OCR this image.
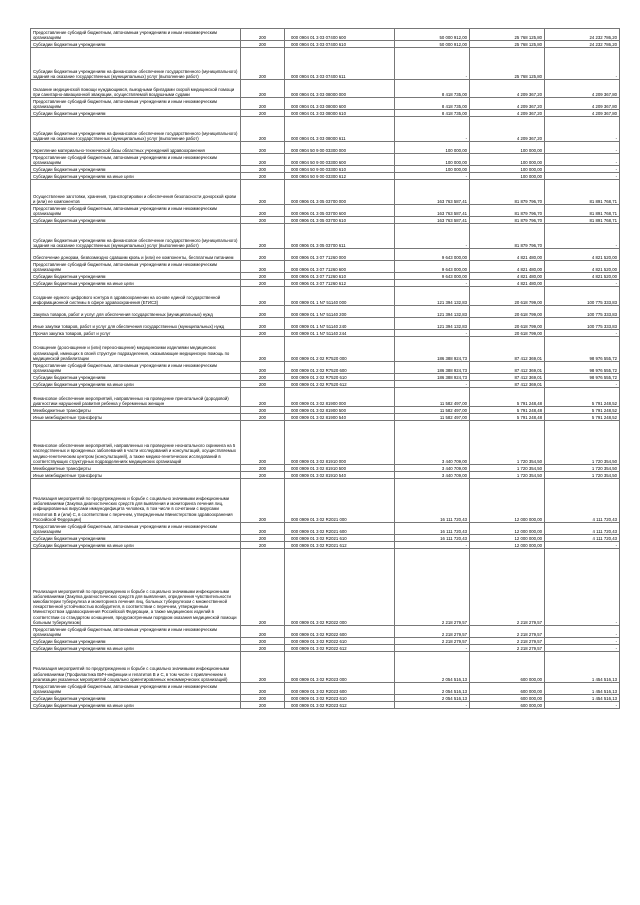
Предоставление субсидий бюджетным, автономным учреждениям и иным некоммерческим организациям	200	000 0904 01 3 03 07400 600	50 000 912,00	25 768 125,80	24 232 786,20
Субсидии бюджетным учреждениям	200	000 0904 01 3 03 07400 610	50 000 912,00	25 768 125,80	24 232 786,20
Субсидии бюджетным учреждениям на финансовое обеспечение государственного (муниципального) задания на оказание государственных (муниципальных) услуг (выполнение работ)	200	000 0904 01 3 03 07400 611	-	25 768 125,80	-
Оказание медицинской помощи нуждающимся, выездными бригадами скорой медицинской помощи при санитарно-авиационной эвакуации, осуществляемой воздушными судами	200	000 0904 01 3 03 08000 000	8 418 735,00	4 209 367,20	4 209 367,80
Предоставление субсидий бюджетным, автономным учреждениям и иным некоммерческим организациям	200	000 0904 01 3 03 08000 600	8 418 735,00	4 209 367,20	4 209 367,80
Субсидии бюджетным учреждениям	200	000 0904 01 3 03 08000 610	8 418 735,00	4 209 367,20	4 209 367,80
Субсидии бюджетным учреждениям на финансовое обеспечение государственного (муниципального) задания на оказание государственных (муниципальных) услуг (выполнение работ)	200	000 0904 01 3 03 08000 611	-	4 209 367,20	-
Укрепление материально-технической базы областных учреждений здравоохранения	200	000 0904 50 9 00 03300 000	100 000,00	100 000,00	-
Предоставление субсидий бюджетным, автономным учреждениям и иным некоммерческим организациям	200	000 0904 50 9 00 03300 600	100 000,00	100 000,00	-
Субсидии бюджетным учреждениям	200	000 0904 50 9 00 03300 610	100 000,00	100 000,00	-
Субсидии бюджетным учреждениям на иные цели	200	000 0904 50 9 00 03300 612	-	100 000,00	-
Осуществление заготовки, хранения, транспортировки и обеспечения безопасности донорской крови и (или) ее компонентов	200	000 0906 01 3 05 03700 000	163 763 587,41	81 879 796,70	81 891 768,71
Предоставление субсидий бюджетным, автономным учреждениям и иным некоммерческим организациям	200	000 0906 01 3 05 03700 600	163 763 587,41	81 879 796,70	81 891 768,71
Субсидии бюджетным учреждениям	200	000 0906 01 3 05 03700 610	163 763 587,41	81 879 796,70	81 891 768,71
Субсидии бюджетным учреждениям на финансовое обеспечение государственного (муниципального) задания на оказание государственных (муниципальных) услуг (выполнение работ)	200	000 0906 01 3 05 03700 611	-	81 879 796,70	-
Обеспечение донорам, безвозмездно сдавшим кровь и (или) ее компоненты, бесплатным питанием	200	000 0906 01 3 07 71260 000	9 643 000,00	4 821 480,00	4 821 520,00
Предоставление субсидий бюджетным, автономным учреждениям и иным некоммерческим организациям	200	000 0906 01 3 07 71260 600	9 643 000,00	4 821 480,00	4 821 520,00
Субсидии бюджетным учреждениям	200	000 0906 01 3 07 71260 610	9 643 000,00	4 821 480,00	4 821 520,00
Субсидии бюджетным учреждениям на иные цели	200	000 0906 01 3 07 71260 612	-	4 821 480,00	-
Создание единого цифрового контура в здравоохранении на основе единой государственной информационной системы в сфере здравоохранения (ЕГИСЗ)	200	000 0909 01 1 N7 51140 000	121 394 132,83	20 618 799,00	100 775 333,83
Закупка товаров, работ и услуг для обеспечения государственных (муниципальных) нужд	200	000 0909 01 1 N7 51140 200	121 394 132,83	20 618 799,00	100 775 333,83
Иные закупки товаров, работ и услуг для обеспечения государственных (муниципальных) нужд	200	000 0909 01 1 N7 51140 240	121 394 132,83	20 618 799,00	100 775 333,83
Прочая закупка товаров, работ и услуг	200	000 0909 01 1 N7 51140 244	-	20 618 799,00	-
Оснащение (дооснащение и (или) переоснащение) медицинскими изделиями медицинских организаций, имеющих в своей структуре подразделения, оказывающие медицинскую помощь по медицинской реабилитации	200	000 0909 01 2 02 R7520 000	186 388 924,73	87 412 369,01	98 976 555,72
Предоставление субсидий бюджетным, автономным учреждениям и иным некоммерческим организациям	200	000 0909 01 2 02 R7520 600	186 388 924,73	87 412 369,01	98 976 555,72
Субсидии бюджетным учреждениям	200	000 0909 01 2 02 R7520 610	186 388 924,73	87 412 369,01	98 976 555,72
Субсидии бюджетным учреждениям на иные цели	200	000 0909 01 2 02 R7520 612	-	87 412 369,01	-
Финансовое обеспечение мероприятий, направленных на проведение пренатальной (дородовой) диагностики нарушений развития ребенка у беременных женщин	200	000 0909 01 3 02 81900 000	11 582 497,00	5 791 248,48	5 791 248,52
Межбюджетные трансферты	200	000 0909 01 3 02 81900 500	11 582 497,00	5 791 248,48	5 791 248,52
Иные межбюджетные трансферты	200	000 0909 01 3 02 81900 540	11 582 497,00	5 791 248,48	5 791 248,52
Финансовое обеспечение мероприятий, направленных на проведение неонатального скрининга на 5 наследственных и врожденных заболеваний в части исследований и консультаций, осуществляемых медико-генетическим центром (консультацией), а также медико-генетических исследований в соответствующих структурных подразделениях медицинских организаций	200	000 0909 01 3 02 81910 000	3 440 709,00	1 720 354,50	1 720 354,50
Межбюджетные трансферты	200	000 0909 01 3 02 81910 500	3 440 709,00	1 720 354,50	1 720 354,50
Иные межбюджетные трансферты	200	000 0909 01 3 02 81910 540	3 440 709,00	1 720 354,50	1 720 354,50
Реализация мероприятий по предупреждению и борьбе с социально значимыми инфекционными заболеваниями (Закупка диагностических средств для выявления и мониторинга лечения лиц, инфицированных вирусами иммунодефицита человека, в том числе в сочетании с вирусами гепатитов B и (или) C, в соответствии с перечнем, утвержденным Министерством здравоохранения Российской Федерации)	200	000 0909 01 3 02 R2021 000	16 111 720,43	12 000 000,00	4 111 720,43
Предоставление субсидий бюджетным, автономным учреждениям и иным некоммерческим организациям	200	000 0909 01 3 02 R2021 600	16 111 720,43	12 000 000,00	4 111 720,43
Субсидии бюджетным учреждениям	200	000 0909 01 3 02 R2021 610	16 111 720,43	12 000 000,00	4 111 720,43
Субсидии бюджетным учреждениям на иные цели	200	000 0909 01 3 02 R2021 612	-	12 000 000,00	-
Реализация мероприятий по предупреждению и борьбе с социально значимыми инфекционными заболеваниями (Закупка диагностических средств для выявления, определения чувствительности микобактерии туберкулеза и мониторинга лечения лиц, больных туберкулезом с множественной лекарственной устойчивостью возбудителя, в соответствии с перечнем, утвержденным Министерством здравоохранения Российской Федерации, а также медицинских изделий в соответствии со стандартом оснащения, предусмотренным порядком оказания медицинской помощи больным туберкулезом)	200	000 0909 01 3 02 R2022 000	2 218 279,57	2 218 279,57	-
Предоставление субсидий бюджетным, автономным учреждениям и иным некоммерческим организациям	200	000 0909 01 3 02 R2022 600	2 218 279,57	2 218 279,57	-
Субсидии бюджетным учреждениям	200	000 0909 01 3 02 R2022 610	2 218 279,57	2 218 279,57	-
Субсидии бюджетным учреждениям на иные цели	200	000 0909 01 3 02 R2022 612	-	2 218 279,57	-
Реализация мероприятий по предупреждению и борьбе с социально значимыми инфекционными заболеваниями (Профилактика ВИЧ-инфекции и гепатитов B и C, в том числе с привлечением к реализации указанных мероприятий социально ориентированных некоммерческих организаций)	200	000 0909 01 3 02 R2023 000	2 054 516,13	600 000,00	1 454 516,13
Предоставление субсидий бюджетным, автономным учреждениям и иным некоммерческим организациям	200	000 0909 01 3 02 R2023 600	2 054 516,13	600 000,00	1 454 516,13
Субсидии бюджетным учреждениям	200	000 0909 01 3 02 R2023 610	2 054 516,13	600 000,00	1 454 516,13
Субсидии бюджетным учреждениям на иные цели	200	000 0909 01 3 02 R2023 612	-	600 000,00	-
